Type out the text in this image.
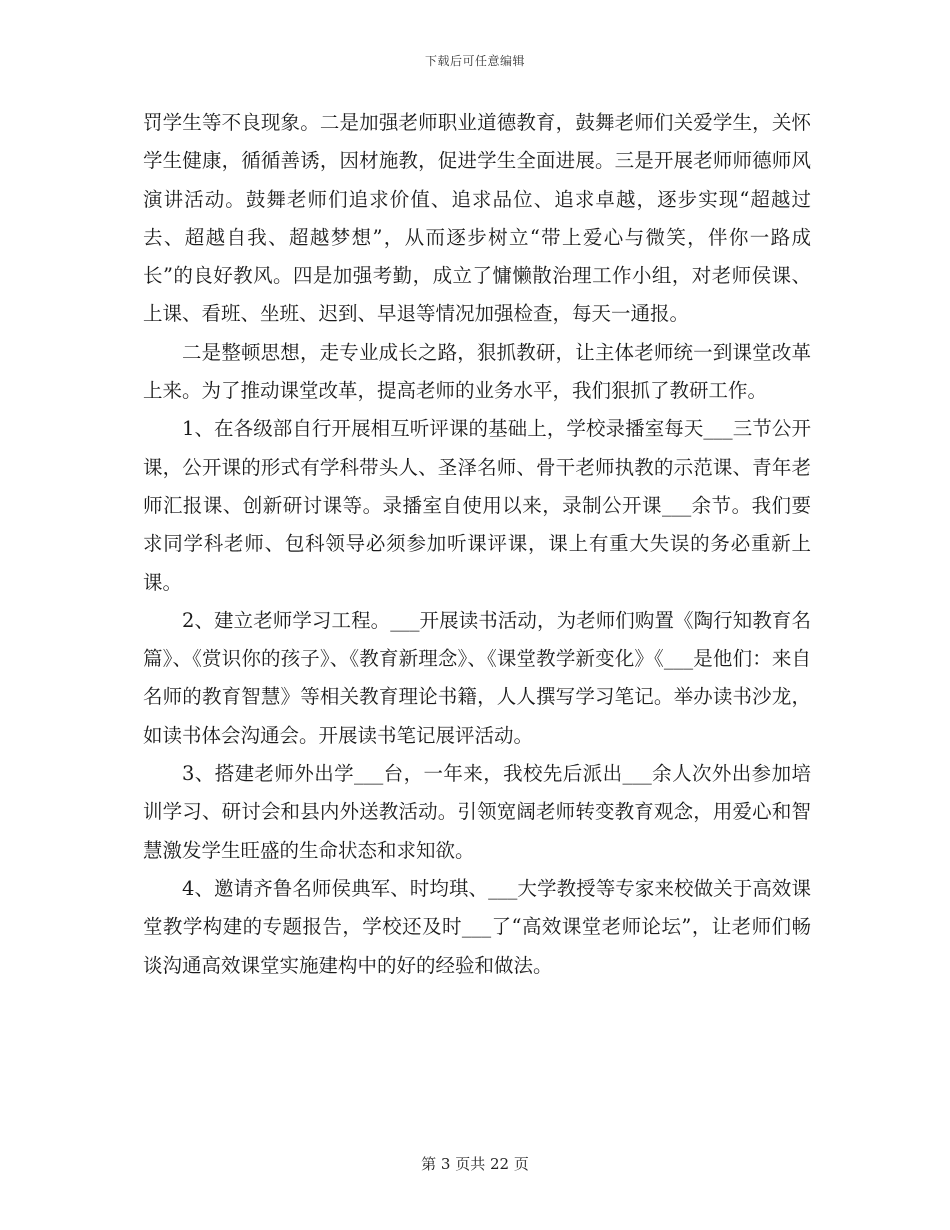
下载后可任意编辑

罚学生等不良现象。二是加强老师职业道德教育，鼓舞老师们关爱学生，关怀学生健康，循循善诱，因材施教，促进学生全面进展。三是开展老师师德师风演讲活动。鼓舞老师们追求价值、追求品位、追求卓越，逐步实现“超越过去、超越自我、超越梦想”，从而逐步树立“带上爱心与微笑，伴你一路成长”的良好教风。四是加强考勤，成立了慵懒散治理工作小组，对老师侯课、上课、看班、坐班、迟到、早退等情况加强检查，每天一通报。

二是整顿思想，走专业成长之路，狠抓教研，让主体老师统一到课堂改革上来。为了推动课堂改革，提高老师的业务水平，我们狠抓了教研工作。

1、在各级部自行开展相互听评课的基础上，学校录播室每天___三节公开课，公开课的形式有学科带头人、圣泽名师、骨干老师执教的示范课、青年老师汇报课、创新研讨课等。录播室自使用以来，录制公开课___余节。我们要求同学科老师、包科领导必须参加听课评课，课上有重大失误的务必重新上课。

2、建立老师学习工程。___开展读书活动，为老师们购置《陶行知教育名篇》、《赏识你的孩子》、《教育新理念》、《课堂教学新变化》《___是他们：来自名师的教育智慧》等相关教育理论书籍，人人撰写学习笔记。举办读书沙龙，如读书体会沟通会。开展读书笔记展评活动。

3、搭建老师外出学___台，一年来，我校先后派出___余人次外出参加培训学习、研讨会和县内外送教活动。引领宽阔老师转变教育观念，用爱心和智慧激发学生旺盛的生命状态和求知欲。

4、邀请齐鲁名师侯典军、时均琪、___大学教授等专家来校做关于高效课堂教学构建的专题报告，学校还及时___了“高效课堂老师论坛”，让老师们畅谈沟通高效课堂实施建构中的好的经验和做法。

第 3 页共 22 页
